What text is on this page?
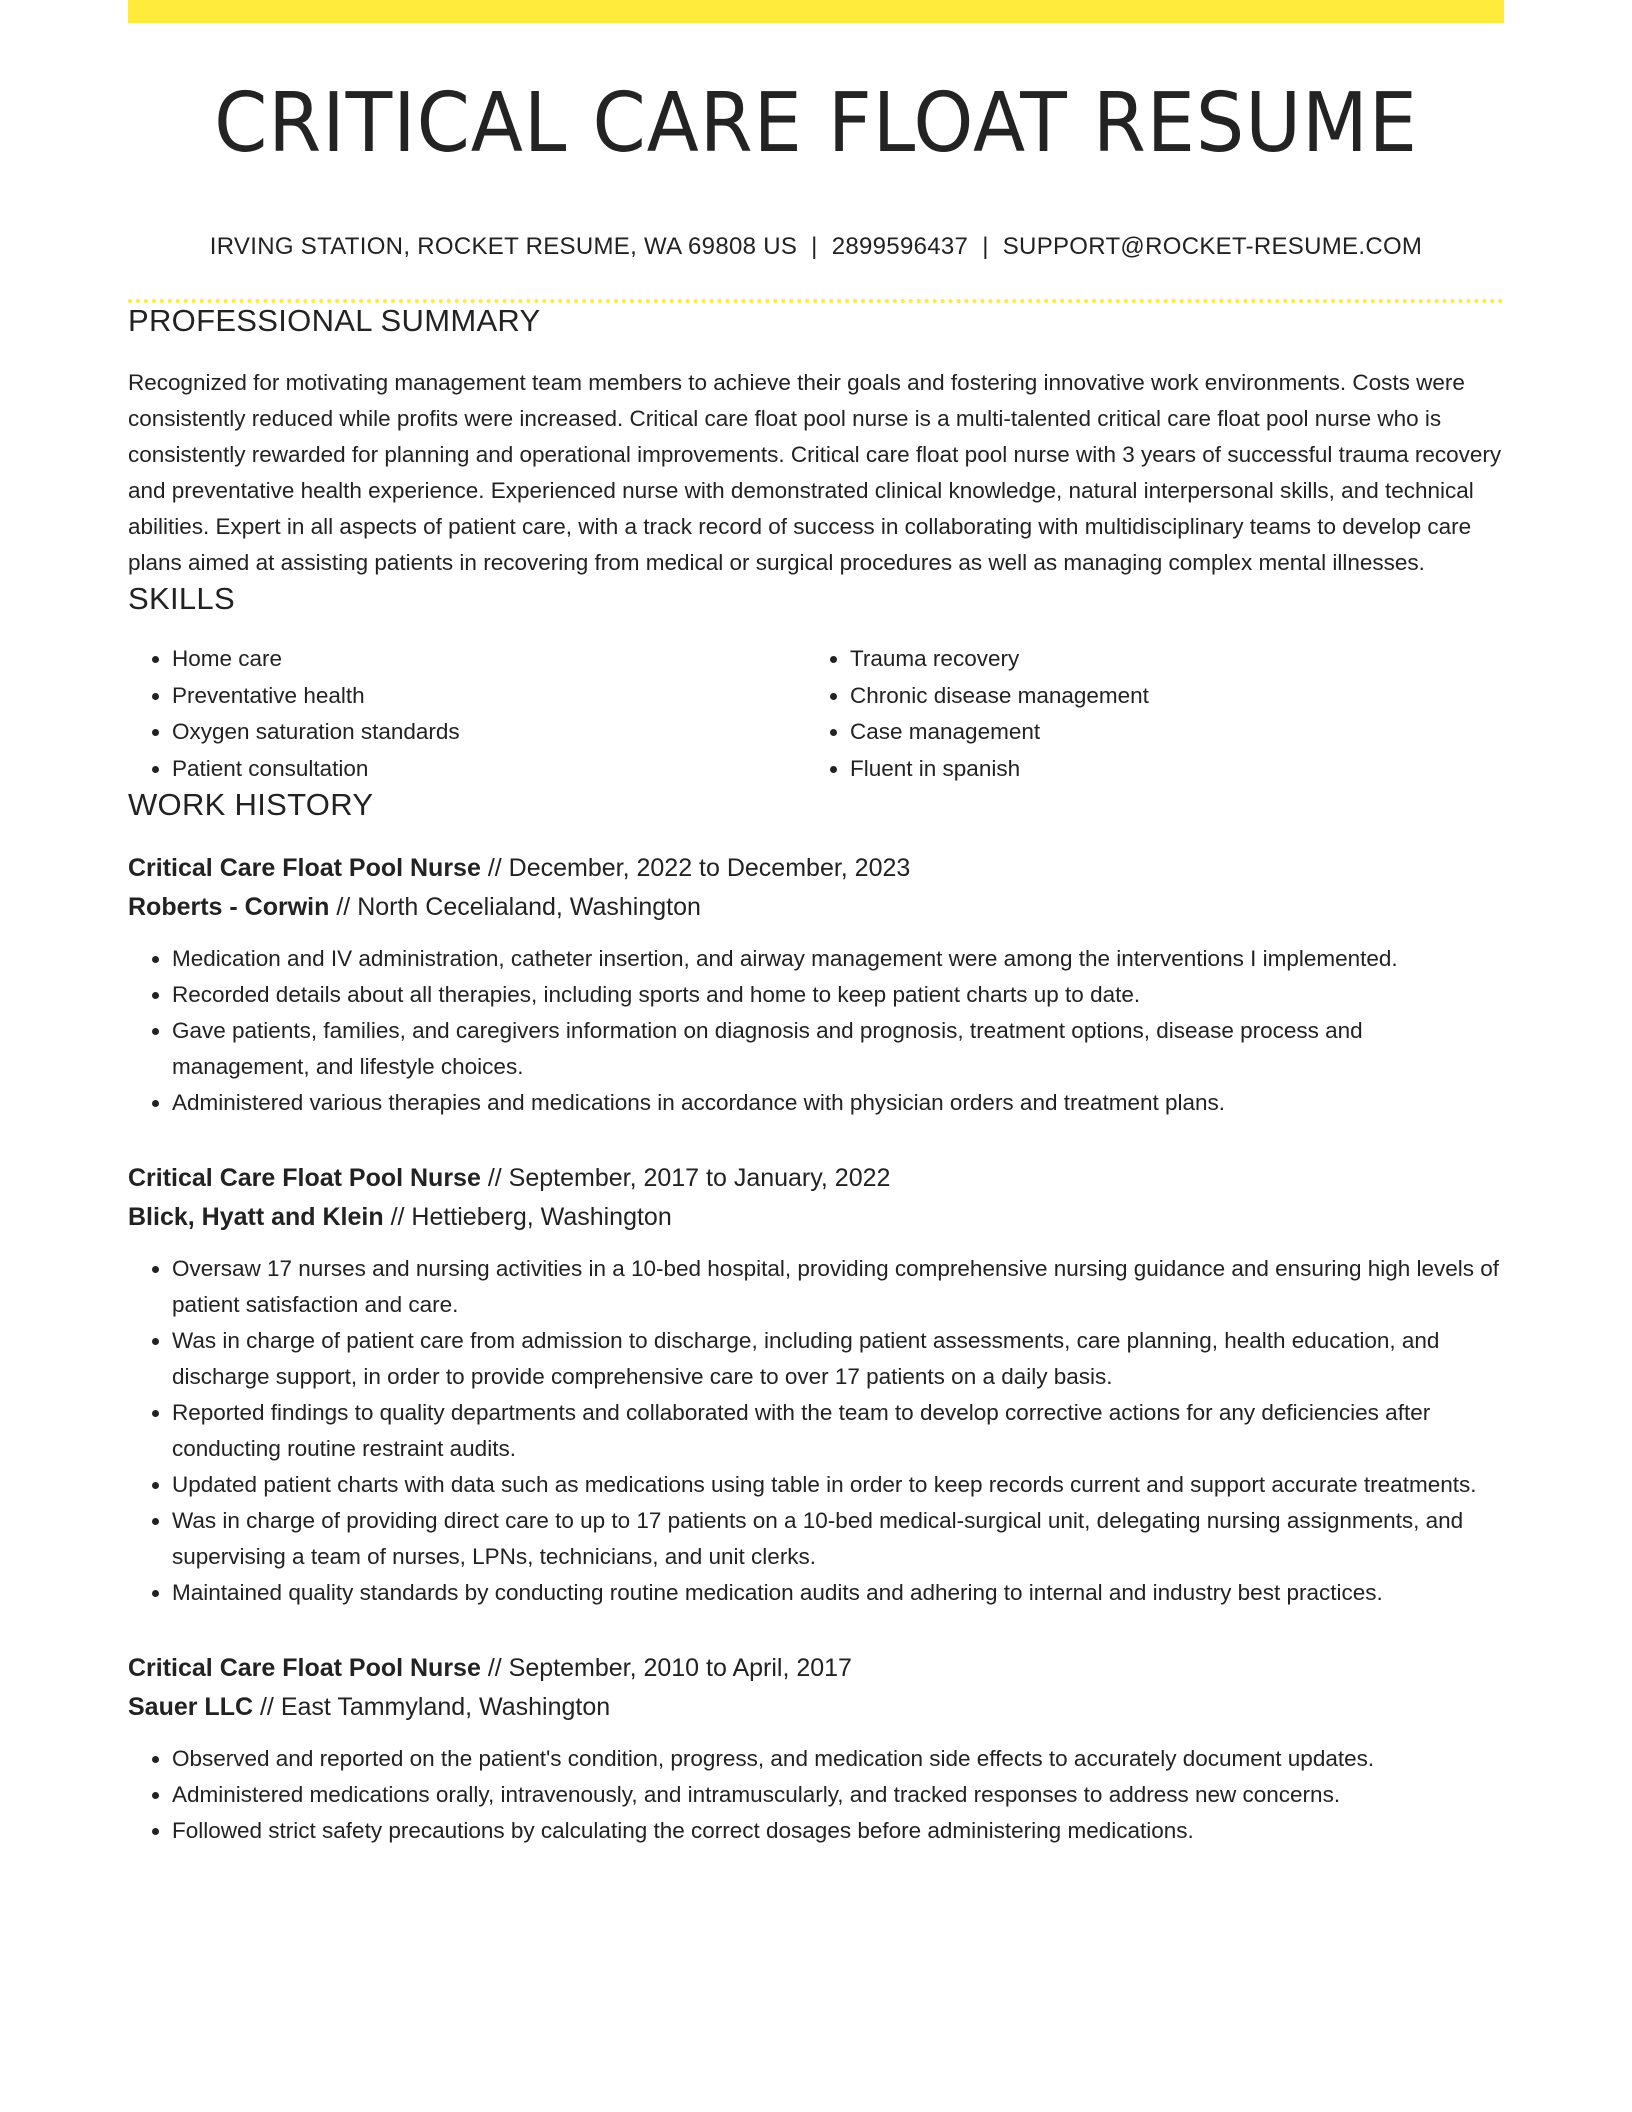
CRITICAL CARE FLOAT RESUME
IRVING STATION, ROCKET RESUME, WA 69808 US | 2899596437 | SUPPORT@ROCKET-RESUME.COM
PROFESSIONAL SUMMARY

Recognized for motivating management team members to achieve their goals and fostering innovative work environments. Costs were consistently reduced while profits were increased. Critical care float pool nurse is a multi-talented critical care float pool nurse who is consistently rewarded for planning and operational improvements. Critical care float pool nurse with 3 years of successful trauma recovery and preventative health experience. Experienced nurse with demonstrated clinical knowledge, natural interpersonal skills, and technical abilities. Expert in all aspects of patient care, with a track record of success in collaborating with multidisciplinary teams to develop care plans aimed at assisting patients in recovering from medical or surgical procedures as well as managing complex mental illnesses.

SKILLS
• Home care
• Preventative health
• Oxygen saturation standards
• Patient consultation
• Trauma recovery
• Chronic disease management
• Case management
• Fluent in spanish
WORK HISTORY
Critical Care Float Pool Nurse // December, 2022 to December, 2023
Roberts - Corwin // North Cecelialand, Washington
• Medication and IV administration, catheter insertion, and airway management were among the interventions I implemented.
• Recorded details about all therapies, including sports and home to keep patient charts up to date.
• Gave patients, families, and caregivers information on diagnosis and prognosis, treatment options, disease process and management, and lifestyle choices.
• Administered various therapies and medications in accordance with physician orders and treatment plans.
Critical Care Float Pool Nurse // September, 2017 to January, 2022
Blick, Hyatt and Klein // Hettieberg, Washington
• Oversaw 17 nurses and nursing activities in a 10-bed hospital, providing comprehensive nursing guidance and ensuring high levels of patient satisfaction and care.
• Was in charge of patient care from admission to discharge, including patient assessments, care planning, health education, and discharge support, in order to provide comprehensive care to over 17 patients on a daily basis.
• Reported findings to quality departments and collaborated with the team to develop corrective actions for any deficiencies after conducting routine restraint audits.
• Updated patient charts with data such as medications using table in order to keep records current and support accurate treatments.
• Was in charge of providing direct care to up to 17 patients on a 10-bed medical-surgical unit, delegating nursing assignments, and supervising a team of nurses, LPNs, technicians, and unit clerks.
• Maintained quality standards by conducting routine medication audits and adhering to internal and industry best practices.
Critical Care Float Pool Nurse // September, 2010 to April, 2017
Sauer LLC // East Tammyland, Washington
• Observed and reported on the patient's condition, progress, and medication side effects to accurately document updates.
• Administered medications orally, intravenously, and intramuscularly, and tracked responses to address new concerns.
• Followed strict safety precautions by calculating the correct dosages before administering medications.
